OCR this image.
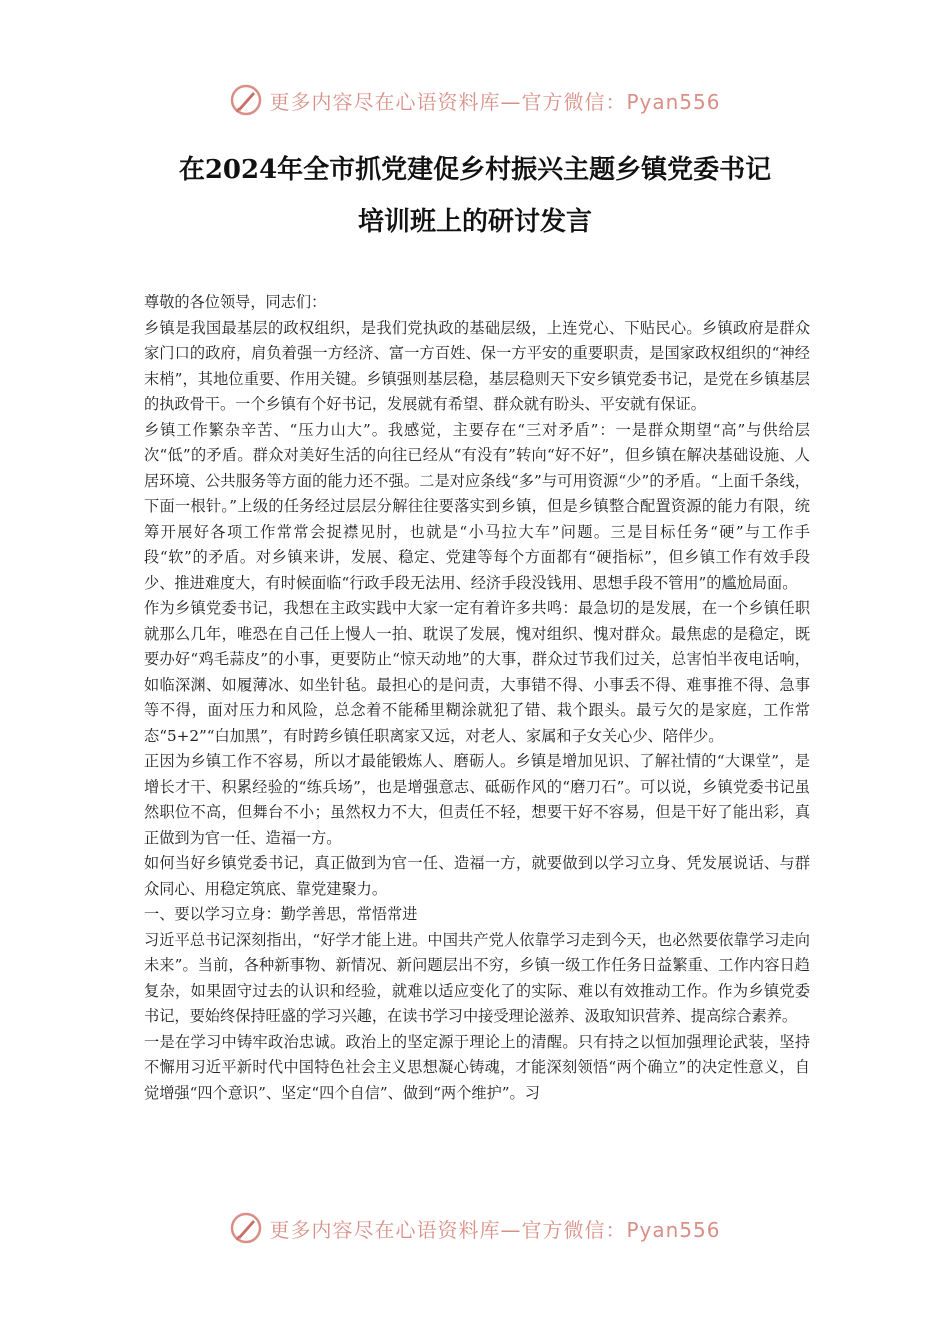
更多内容尽在心语资料库—官方微信：Pyan556
在2024年全市抓党建促乡村振兴主题乡镇党委书记
培训班上的研讨发言

尊敬的各位领导，同志们：

乡镇是我国最基层的政权组织，是我们党执政的基础层级，上连党心、下贴民心。乡镇政府是群众家门口的政府，肩负着强一方经济、富一方百姓、保一方平安的重要职责，是国家政权组织的“神经末梢”，其地位重要、作用关键。乡镇强则基层稳，基层稳则天下安乡镇党委书记，是党在乡镇基层的执政骨干。一个乡镇有个好书记，发展就有希望、群众就有盼头、平安就有保证。

乡镇工作繁杂辛苦、“压力山大”。我感觉，主要存在“三对矛盾”：一是群众期望“高”与供给层次“低”的矛盾。群众对美好生活的向往已经从“有没有”转向“好不好”，但乡镇在解决基础设施、人居环境、公共服务等方面的能力还不强。二是对应条线“多”与可用资源“少”的矛盾。“上面千条线，下面一根针。”上级的任务经过层层分解往往要落实到乡镇，但是乡镇整合配置资源的能力有限，统筹开展好各项工作常常会捉襟见肘，也就是“小马拉大车”问题。三是目标任务“硬”与工作手段“软”的矛盾。对乡镇来讲，发展、稳定、党建等每个方面都有“硬指标”，但乡镇工作有效手段少、推进难度大，有时候面临“行政手段无法用、经济手段没钱用、思想手段不管用”的尴尬局面。

作为乡镇党委书记，我想在主政实践中大家一定有着许多共鸣：最急切的是发展，在一个乡镇任职就那么几年，唯恐在自己任上慢人一拍、耽误了发展，愧对组织、愧对群众。最焦虑的是稳定，既要办好“鸡毛蒜皮”的小事，更要防止“惊天动地”的大事，群众过节我们过关，总害怕半夜电话响，如临深渊、如履薄冰、如坐针毡。最担心的是问责，大事错不得、小事丢不得、难事推不得、急事等不得，面对压力和风险，总念着不能稀里糊涂就犯了错、栽个跟头。最亏欠的是家庭，工作常态“5+2”“白加黑”，有时跨乡镇任职离家又远，对老人、家属和子女关心少、陪伴少。

正因为乡镇工作不容易，所以才最能锻炼人、磨砺人。乡镇是增加见识、了解社情的“大课堂”，是增长才干、积累经验的“练兵场”，也是增强意志、砥砺作风的“磨刀石”。可以说，乡镇党委书记虽然职位不高，但舞台不小；虽然权力不大，但责任不轻，想要干好不容易，但是干好了能出彩，真正做到为官一任、造福一方。

如何当好乡镇党委书记，真正做到为官一任、造福一方，就要做到以学习立身、凭发展说话、与群众同心、用稳定筑底、靠党建聚力。

一、要以学习立身：勤学善思，常悟常进

习近平总书记深刻指出，“好学才能上进。中国共产党人依靠学习走到今天，也必然要依靠学习走向未来”。当前，各种新事物、新情况、新问题层出不穷，乡镇一级工作任务日益繁重、工作内容日趋复杂，如果固守过去的认识和经验，就难以适应变化了的实际、难以有效推动工作。作为乡镇党委书记，要始终保持旺盛的学习兴趣，在读书学习中接受理论滋养、汲取知识营养、提高综合素养。

一是在学习中铸牢政治忠诚。政治上的坚定源于理论上的清醒。只有持之以恒加强理论武装，坚持不懈用习近平新时代中国特色社会主义思想凝心铸魂，才能深刻领悟“两个确立”的决定性意义，自觉增强“四个意识”、坚定“四个自信”、做到“两个维护”。习

更多内容尽在心语资料库—官方微信：Pyan556
